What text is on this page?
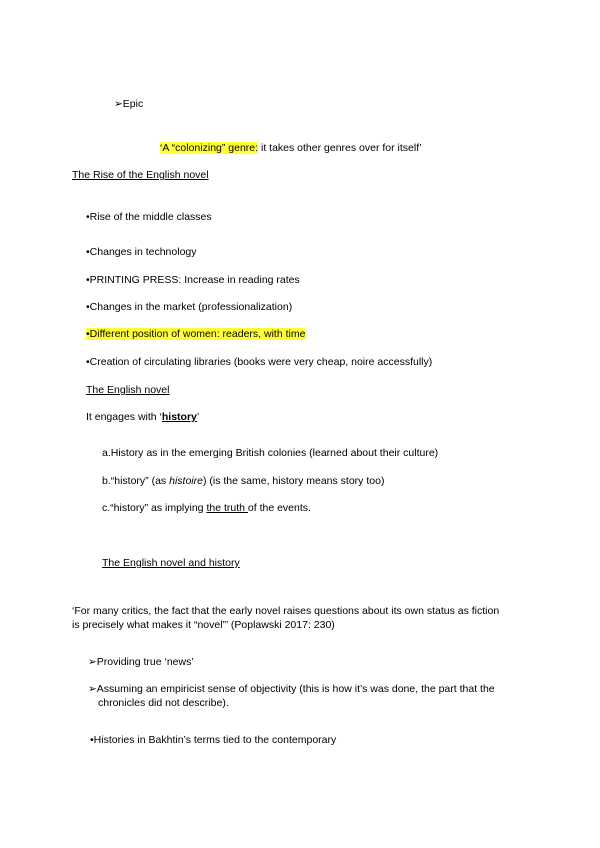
➢Epic
‘A “colonizing” genre: it takes other genres over for itself’
The Rise of the English novel
•Rise of the middle classes
•Changes in technology
•PRINTING PRESS: Increase in reading rates
•Changes in the market (professionalization)
•Different position of women: readers, with time
•Creation of circulating libraries (books were very cheap, noire accessfully)
The English novel
It engages with ‘history’
a.History as in the emerging British colonies (learned about their culture)
b.“history” (as histoire) (is the same, history means story too)
c.“history” as implying the truth of the events.
The English novel and history
‘For many critics, the fact that the early novel raises questions about its own status as fiction
is precisely what makes it “novel”’ (Poplawski 2017: 230)
➢Providing true ‘news’
➢Assuming an empiricist sense of objectivity (this is how it’s was done, the part that the
chronicles did not describe).
•Histories in Bakhtin’s terms tied to the contemporary
